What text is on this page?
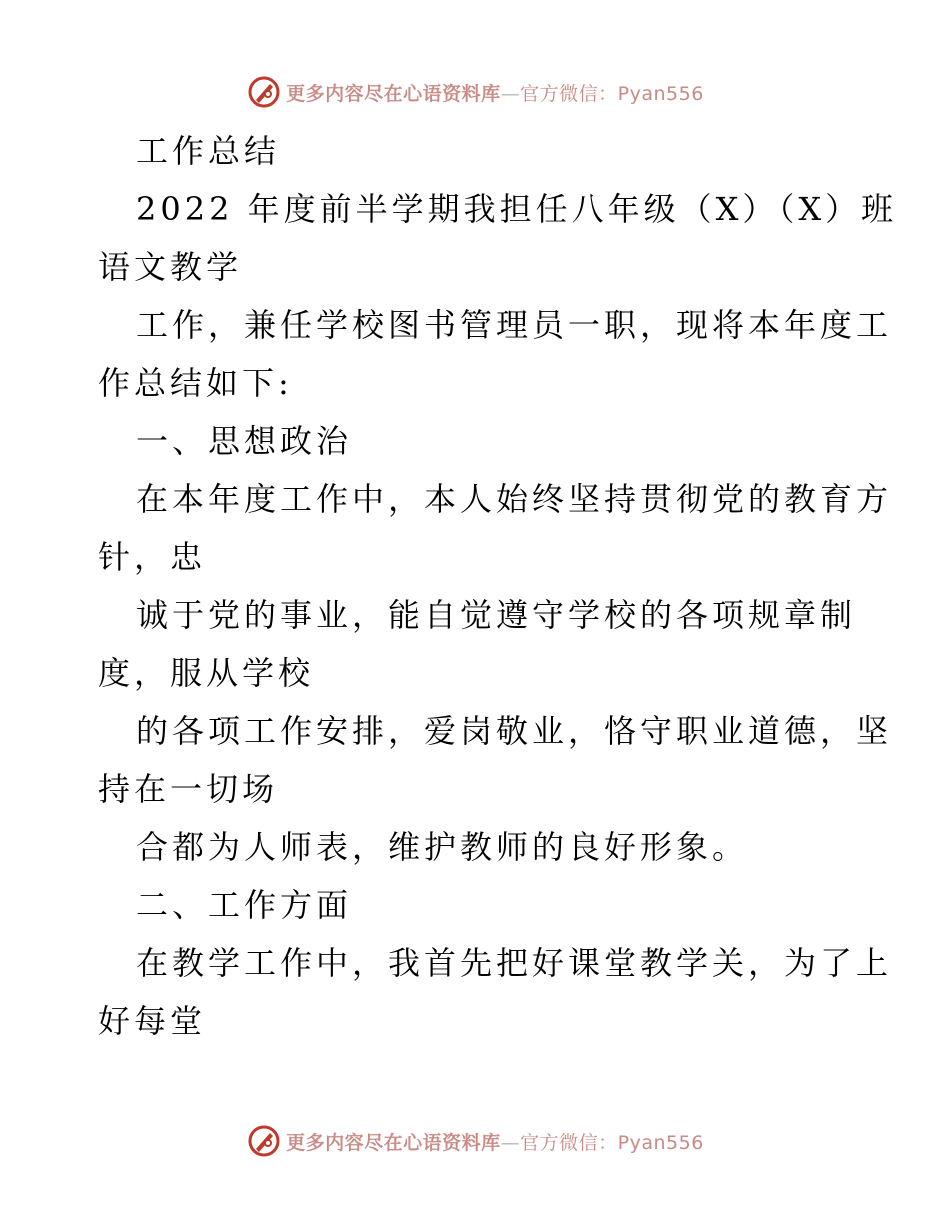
更多内容尽在心语资料库—官方微信：Pyan556
工作总结
2022 年度前半学期我担任八年级（X）（X）班
语文教学
工作，兼任学校图书管理员一职，现将本年度工
作总结如下:
一、思想政治
在本年度工作中，本人始终坚持贯彻党的教育方
针，忠
诚于党的事业，能自觉遵守学校的各项规章制
度，服从学校
的各项工作安排，爱岗敬业，恪守职业道德，坚
持在一切场
合都为人师表，维护教师的良好形象。
二、工作方面
在教学工作中，我首先把好课堂教学关，为了上
好每堂
更多内容尽在心语资料库—官方微信：Pyan556
